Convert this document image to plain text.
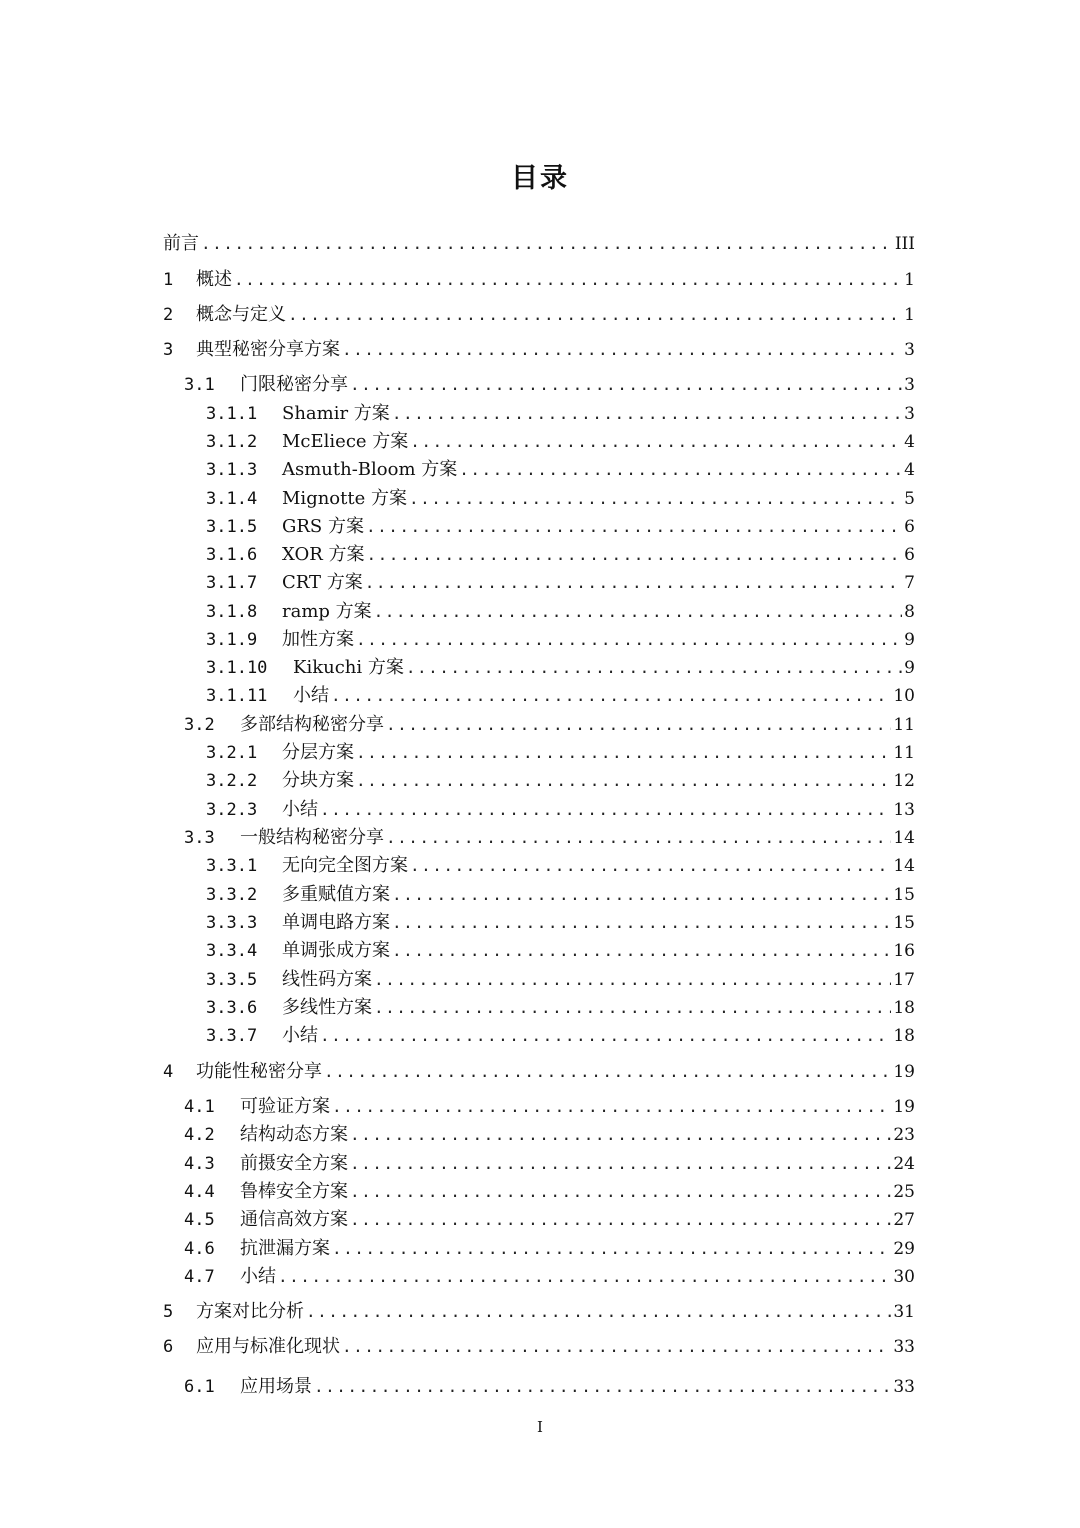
目录
前言 .....	III
1	概述 .....	1
2	概念与定义 .....	1
3	典型秘密分享方案 .....	3
3.1	门限秘密分享 .....	3
3.1.1	Shamir 方案 .....	3
3.1.2	McEliece 方案 .....	4
3.1.3	Asmuth-Bloom 方案 .....	4
3.1.4	Mignotte 方案 .....	5
3.1.5	GRS 方案 .....	6
3.1.6	XOR 方案 .....	6
3.1.7	CRT 方案 .....	7
3.1.8	ramp 方案 .....	8
3.1.9	加性方案 .....	9
3.1.10	Kikuchi 方案 .....	9
3.1.11	小结 .....	10
3.2	多部结构秘密分享 .....	11
3.2.1	分层方案 .....	11
3.2.2	分块方案 .....	12
3.2.3	小结 .....	13
3.3	一般结构秘密分享 .....	14
3.3.1	无向完全图方案 .....	14
3.3.2	多重赋值方案 .....	15
3.3.3	单调电路方案 .....	15
3.3.4	单调张成方案 .....	16
3.3.5	线性码方案 .....	17
3.3.6	多线性方案 .....	18
3.3.7	小结 .....	18
4	功能性秘密分享 .....	19
4.1	可验证方案 .....	19
4.2	结构动态方案 .....	23
4.3	前摄安全方案 .....	24
4.4	鲁棒安全方案 .....	25
4.5	通信高效方案 .....	27
4.6	抗泄漏方案 .....	29
4.7	小结 .....	30
5	方案对比分析 .....	31
6	应用与标准化现状 .....	33
6.1	应用场景 .....	33
I
